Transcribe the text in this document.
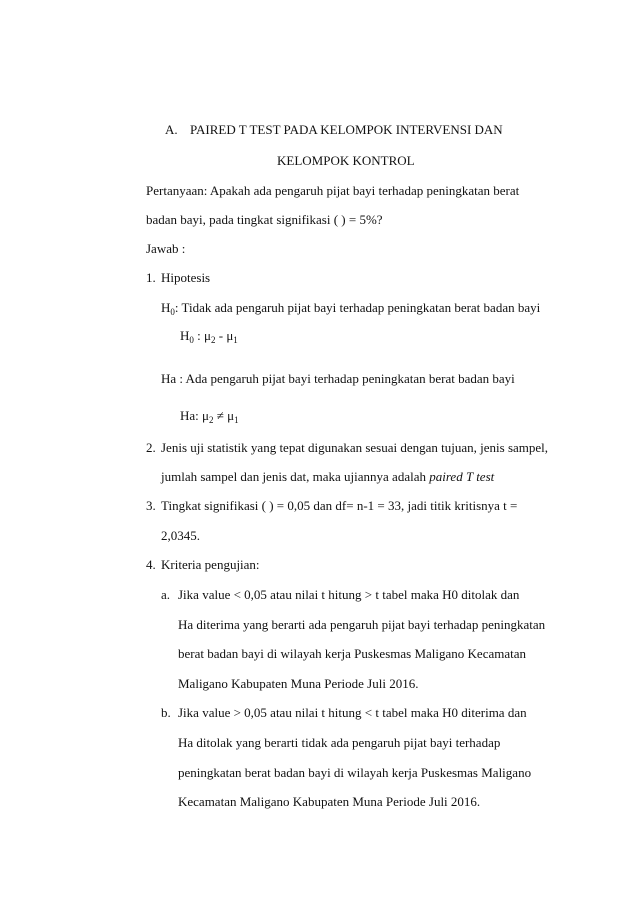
A. PAIRED T TEST PADA KELOMPOK INTERVENSI DAN
KELOMPOK KONTROL
Pertanyaan: Apakah ada pengaruh pijat bayi terhadap peningkatan berat
badan bayi, pada tingkat signifikasi ( ) = 5%?
Jawab :
1. Hipotesis
$H_0$: Tidak ada pengaruh pijat bayi terhadap peningkatan berat badan bayi
$H_0$ : $\mu_2 - \mu_1$
Ha : Ada pengaruh pijat bayi terhadap peningkatan berat badan bayi
Ha: $\mu_2 \ne \mu_1$
2. Jenis uji statistik yang tepat digunakan sesuai dengan tujuan, jenis sampel,
jumlah sampel dan jenis dat, maka ujiannya adalah paired T test
3. Tingkat signifikasi ( ) = 0,05 dan df= n-1 = 33, jadi titik kritisnya t =
2,0345.
4. Kriteria pengujian:
a. Jika value < 0,05 atau nilai t hitung > t tabel maka H0 ditolak dan
Ha diterima yang berarti ada pengaruh pijat bayi terhadap peningkatan
berat badan bayi di wilayah kerja Puskesmas Maligano Kecamatan
Maligano Kabupaten Muna Periode Juli 2016.
b. Jika value > 0,05 atau nilai t hitung < t tabel maka H0 diterima dan
Ha ditolak yang berarti tidak ada pengaruh pijat bayi terhadap
peningkatan berat badan bayi di wilayah kerja Puskesmas Maligano
Kecamatan Maligano Kabupaten Muna Periode Juli 2016.
